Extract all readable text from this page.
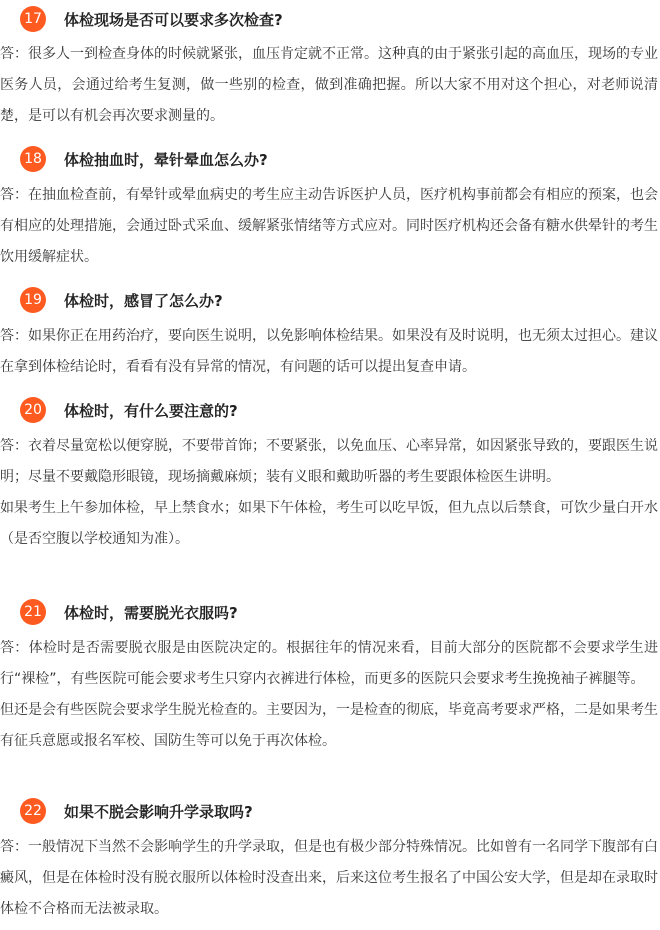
17 体检现场是否可以要求多次检查?

答：很多人一到检查身体的时候就紧张，血压肯定就不正常。这种真的由于紧张引起的高血压，现场的专业医务人员，会通过给考生复测，做一些别的检查，做到准确把握。所以大家不用对这个担心，对老师说清楚，是可以有机会再次要求测量的。

18 体检抽血时，晕针晕血怎么办?

答：在抽血检查前，有晕针或晕血病史的考生应主动告诉医护人员，医疗机构事前都会有相应的预案，也会有相应的处理措施，会通过卧式采血、缓解紧张情绪等方式应对。同时医疗机构还会备有糖水供晕针的考生饮用缓解症状。

19 体检时，感冒了怎么办?

答：如果你正在用药治疗，要向医生说明，以免影响体检结果。如果没有及时说明，也无须太过担心。建议在拿到体检结论时，看看有没有异常的情况，有问题的话可以提出复查申请。

20 体检时，有什么要注意的?

答：衣着尽量宽松以便穿脱，不要带首饰；不要紧张，以免血压、心率异常，如因紧张导致的，要跟医生说明；尽量不要戴隐形眼镜，现场摘戴麻烦；装有义眼和戴助听器的考生要跟体检医生讲明。

如果考生上午参加体检，早上禁食水；如果下午体检，考生可以吃早饭，但九点以后禁食，可饮少量白开水（是否空腹以学校通知为准）。

21 体检时，需要脱光衣服吗?

答：体检时是否需要脱衣服是由医院决定的。根据往年的情况来看，目前大部分的医院都不会要求学生进行“裸检”，有些医院可能会要求考生只穿内衣裤进行体检，而更多的医院只会要求考生挽挽袖子裤腿等。

但还是会有些医院会要求学生脱光检查的。主要因为，一是检查的彻底，毕竟高考要求严格，二是如果考生有征兵意愿或报名军校、国防生等可以免于再次体检。

22 如果不脱会影响升学录取吗?

答：一般情况下当然不会影响学生的升学录取，但是也有极少部分特殊情况。比如曾有一名同学下腹部有白癜风，但是在体检时没有脱衣服所以体检时没查出来，后来这位考生报名了中国公安大学，但是却在录取时体检不合格而无法被录取。
